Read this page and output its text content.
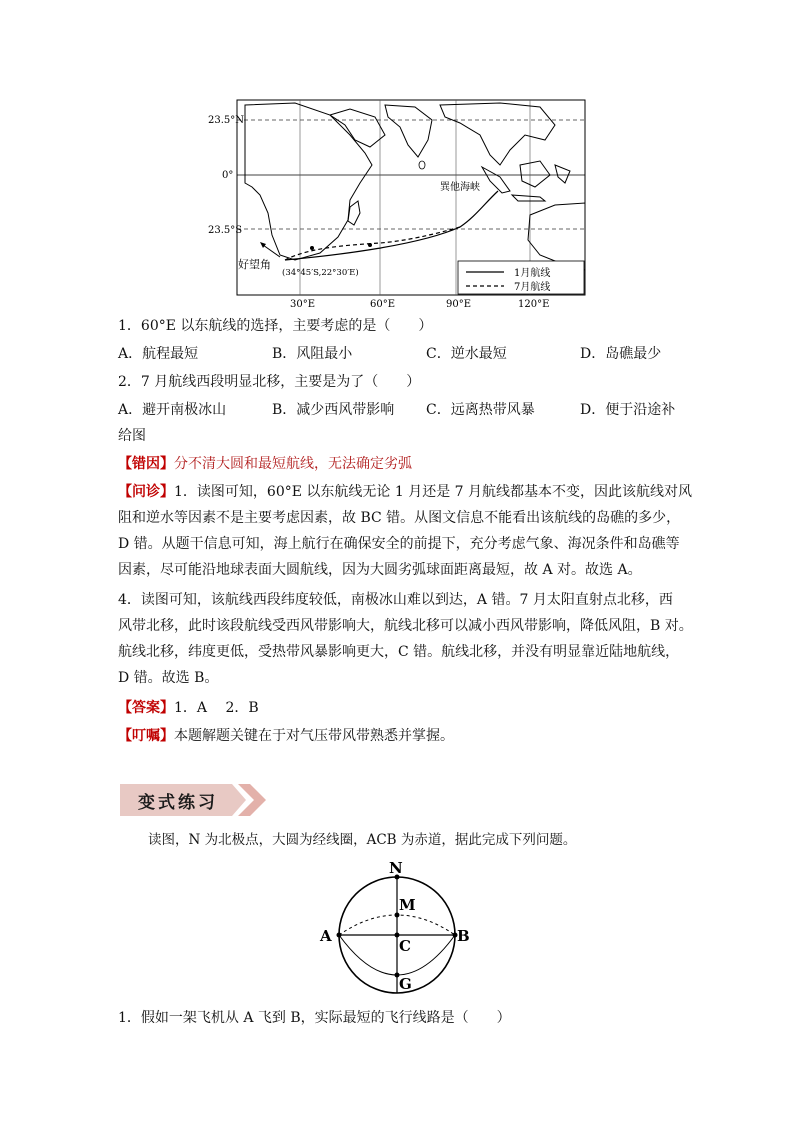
23.5°N
0°
23.5°S
30°E	60°E	90°E	120°E
巽他海峡
好望角
(34°45′S,22°30′E)	1月航线
7月航线
1．60°E 以东航线的选择，主要考虑的是（　　）
A．航程最短	B．风阻最小	C．逆水最短	D．岛礁最少
2．7 月航线西段明显北移，主要是为了（　　）
A．避开南极冰山	B．减少西风带影响 C．远离热带风暴	D．便于沿途补
给图
【错因】分不清大圆和最短航线，无法确定劣弧
【问诊】1．读图可知，60°E 以东航线无论 1 月还是 7 月航线都基本不变，因此该航线对风
阻和逆水等因素不是主要考虑因素，故 BC 错。从图文信息不能看出该航线的岛礁的多少，
D 错。从题干信息可知，海上航行在确保安全的前提下，充分考虑气象、海况条件和岛礁等
因素，尽可能沿地球表面大圆航线，因为大圆劣弧球面距离最短，故 A 对。故选 A。
4．读图可知，该航线西段纬度较低，南极冰山难以到达，A 错。7 月太阳直射点北移，西
风带北移，此时该段航线受西风带影响大，航线北移可以减小西风带影响，降低风阻，B 对。
航线北移，纬度更低，受热带风暴影响更大，C 错。航线北移，并没有明显靠近陆地航线，
D 错。故选 B。
【答案】1．A　 2．B
【叮嘱】本题解题关键在于对气压带风带熟悉并掌握。
变式练习
读图，N 为北极点，大圆为经线圈，ACB 为赤道，据此完成下列问题。
N
M
A
C
B
G
1．假如一架飞机从 A 飞到 B，实际最短的飞行线路是（　　）
